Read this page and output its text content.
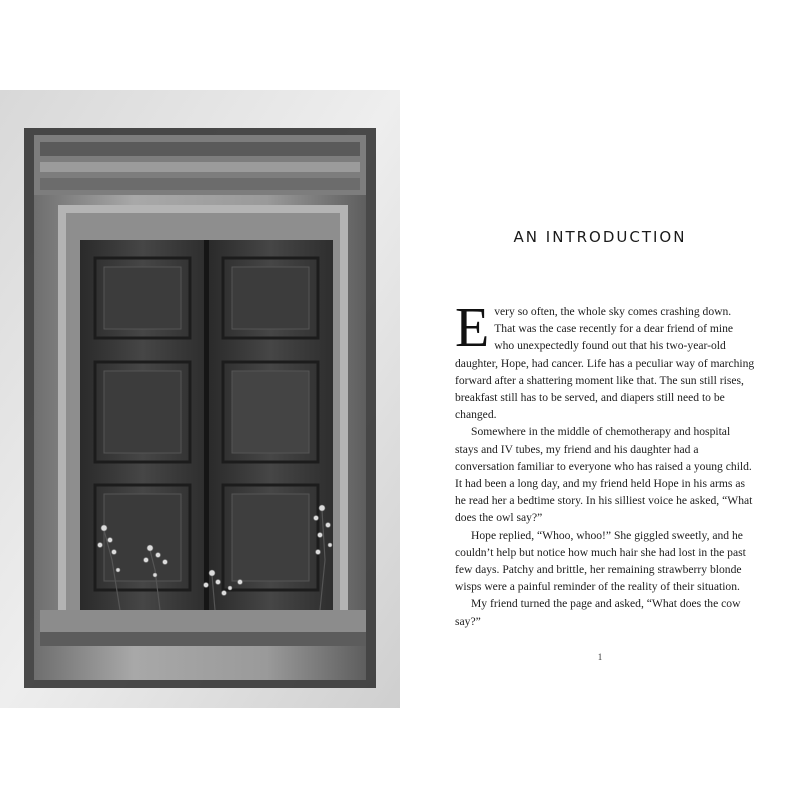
AN INTRODUCTION

Every so often, the whole sky comes crashing down. That was the case recently for a dear friend of mine who unexpectedly found out that his two-year-old daughter, Hope, had cancer. Life has a peculiar way of marching forward after a shattering moment like that. The sun still rises, breakfast still has to be served, and diapers still need to be changed.

Somewhere in the middle of chemotherapy and hospital stays and IV tubes, my friend and his daughter had a conversation familiar to everyone who has raised a young child. It had been a long day, and my friend held Hope in his arms as he read her a bedtime story. In his silliest voice he asked, “What does the owl say?”

Hope replied, “Whoo, whoo!” She giggled sweetly, and he couldn’t help but notice how much hair she had lost in the past few days. Patchy and brittle, her remaining strawberry blonde wisps were a painful reminder of the reality of their situation.

My friend turned the page and asked, “What does the cow say?”

1
